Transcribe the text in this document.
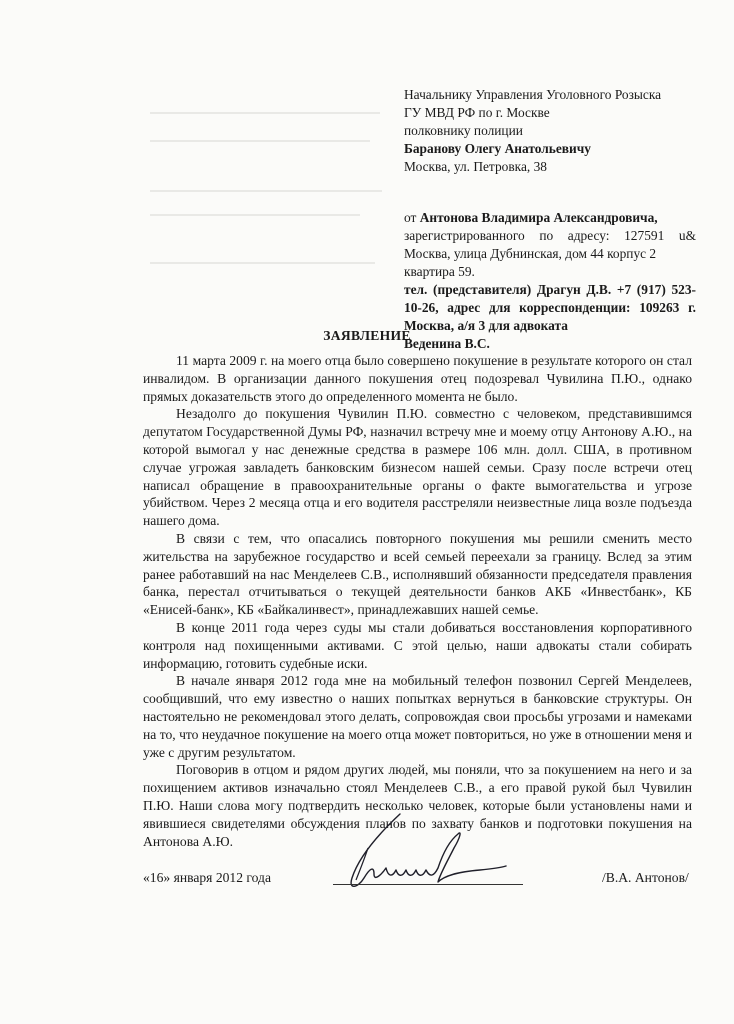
Начальнику Управления Уголовного Розыска
ГУ МВД РФ по г. Москве
полковнику полиции
Баранову Олегу Анатольевичу
Москва, ул. Петровка, 38
от Антонова Владимира Александровича,

зарегистрированного по адресу: 127591 u& Москва, улица Дубнинская, дом 44 корпус 2

квартира 59.

тел. (представителя) Драгун Д.В. +7 (917) 523-10-26, адрес для корреспонденции: 109263 г. Москва, а/я 3 для адвоката

Веденина В.С.
ЗАЯВЛЕНИЕ

11 марта 2009 г. на моего отца было совершено покушение в результате которого он стал инвалидом. В организации данного покушения отец подозревал Чувилина П.Ю., однако прямых доказательств этого до определенного момента не было.

Незадолго до покушения Чувилин П.Ю. совместно с человеком, представившимся депутатом Государственной Думы РФ, назначил встречу мне и моему отцу Антонову А.Ю., на которой вымогал у нас денежные средства в размере 106 млн. долл. США, в противном случае угрожая завладеть банковским бизнесом нашей семьи. Сразу после встречи отец написал обращение в правоохранительные органы о факте вымогательства и угрозе убийством. Через 2 месяца отца и его водителя расстреляли неизвестные лица возле подъезда нашего дома.

В связи с тем, что опасались повторного покушения мы решили сменить место жительства на зарубежное государство и всей семьей переехали за границу. Вслед за этим ранее работавший на нас Менделеев С.В., исполнявший обязанности председателя правления банка, перестал отчитываться о текущей деятельности банков АКБ «Инвестбанк», КБ «Енисей-банк», КБ «Байкалинвест», принадлежавших нашей семье.

В конце 2011 года через суды мы стали добиваться восстановления корпоративного контроля над похищенными активами. С этой целью, наши адвокаты стали собирать информацию, готовить судебные иски.

В начале января 2012 года мне на мобильный телефон позвонил Сергей Менделеев, сообщивший, что ему известно о наших попытках вернуться в банковские структуры. Он настоятельно не рекомендовал этого делать, сопровождая свои просьбы угрозами и намеками на то, что неудачное покушение на моего отца может повториться, но уже в отношении меня и уже с другим результатом.

Поговорив в отцом и рядом других людей, мы поняли, что за покушением на него и за похищением активов изначально стоял Менделеев С.В., а его правой рукой был Чувилин П.Ю. Наши слова могу подтвердить несколько человек, которые были установлены нами и явившиеся свидетелями обсуждения планов по захвату банков и подготовки покушения на Антонова А.Ю.

«16» января 2012 года	/В.А. Антонов/
